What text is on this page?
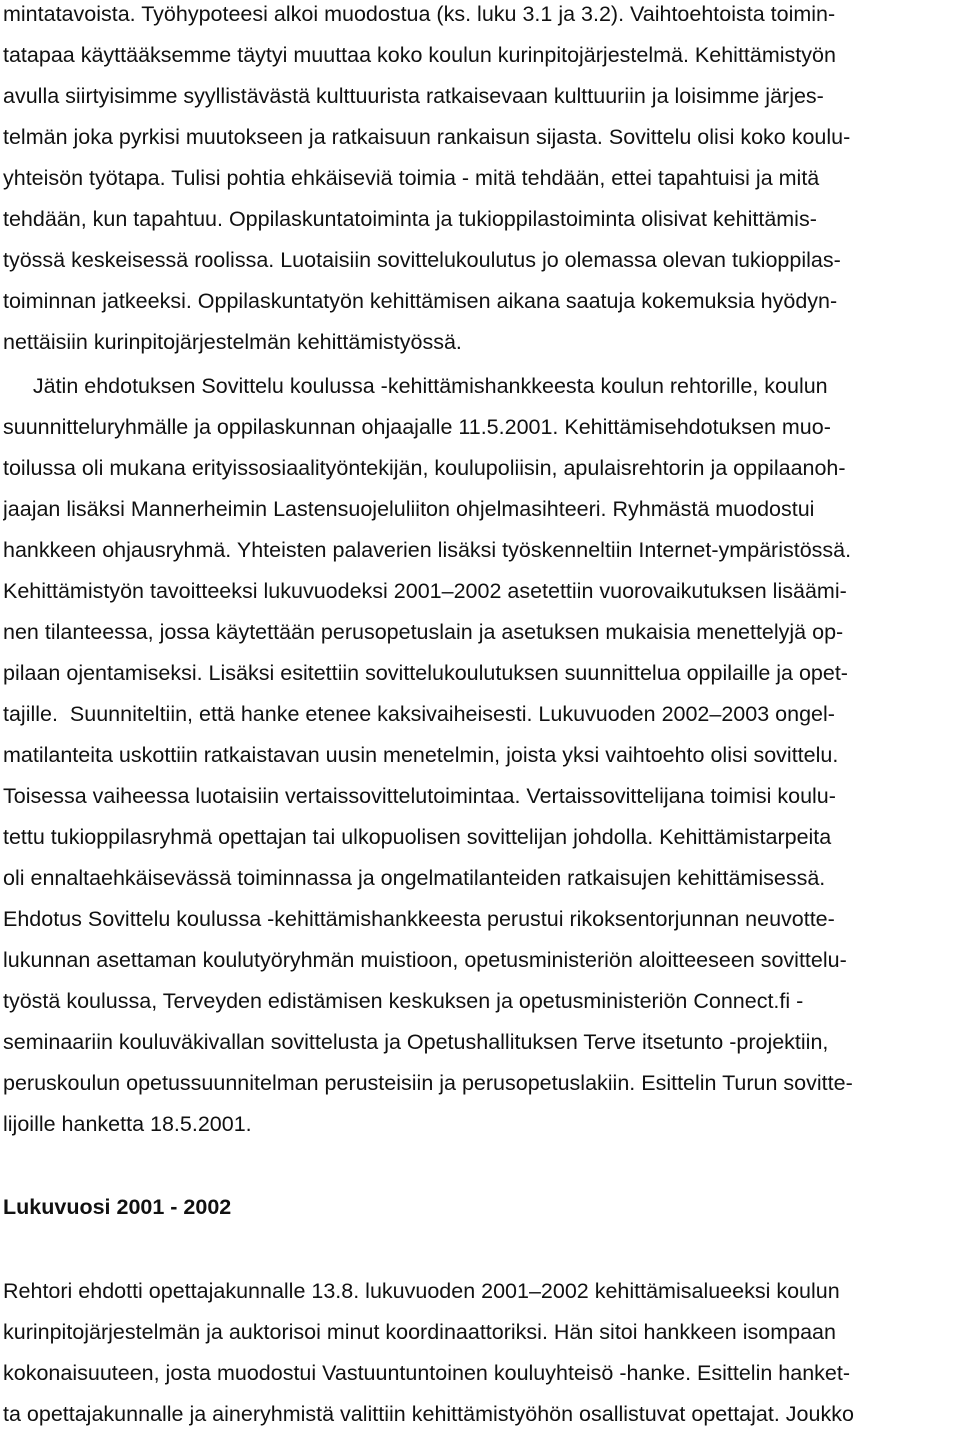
mintatavoista. Työhypoteesi alkoi muodostua (ks. luku 3.1 ja 3.2). Vaihtoehtoista toimin-
tatapaa käyttääksemme täytyi muuttaa koko koulun kurinpitojärjestelmä. Kehittämistyön
avulla siirtyisimme syyllistävästä kulttuurista ratkaisevaan kulttuuriin ja loisimme järjes-
telmän joka pyrkisi muutokseen ja ratkaisuun rankaisun sijasta. Sovittelu olisi koko koulu-
yhteisön työtapa. Tulisi pohtia ehkäiseviä toimia - mitä tehdään, ettei tapahtuisi ja mitä
tehdään, kun tapahtuu. Oppilaskuntatoiminta ja tukioppilastoiminta olisivat kehittämis-
työssä keskeisessä roolissa. Luotaisiin sovittelukoulutus jo olemassa olevan tukioppilas-
toiminnan jatkeeksi. Oppilaskuntatyön kehittämisen aikana saatuja kokemuksia hyödyn-
nettäisiin kurinpitojärjestelmän kehittämistyössä.
Jätin ehdotuksen Sovittelu koulussa -kehittämishankkeesta koulun rehtorille, koulun
suunnitteluryhmälle ja oppilaskunnan ohjaajalle 11.5.2001. Kehittämisehdotuksen muo-
toilussa oli mukana erityissosiaalityöntekijän, koulupoliisin, apulaisrehtorin ja oppilaanoh-
jaajan lisäksi Mannerheimin Lastensuojeluliiton ohjelmasihteeri. Ryhmästä muodostui
hankkeen ohjausryhmä. Yhteisten palaverien lisäksi työskenneltiin Internet-ympäristössä.
Kehittämistyön tavoitteeksi lukuvuodeksi 2001–2002 asetettiin vuorovaikutuksen lisäämi-
nen tilanteessa, jossa käytettään perusopetuslain ja asetuksen mukaisia menettelyjä op-
pilaan ojentamiseksi. Lisäksi esitettiin sovittelukoulutuksen suunnittelua oppilaille ja opet-
tajille.  Suunniteltiin, että hanke etenee kaksivaiheisesti. Lukuvuoden 2002–2003 ongel-
matilanteita uskottiin ratkaistavan uusin menetelmin, joista yksi vaihtoehto olisi sovittelu.
Toisessa vaiheessa luotaisiin vertaissovittelutoimintaa. Vertaissovittelijana toimisi koulu-
tettu tukioppilasryhmä opettajan tai ulkopuolisen sovittelijan johdolla. Kehittämistarpeita
oli ennaltaehkäisevässä toiminnassa ja ongelmatilanteiden ratkaisujen kehittämisessä.
Ehdotus Sovittelu koulussa -kehittämishankkeesta perustui rikoksentorjunnan neuvotte-
lukunnan asettaman koulutyöryhmän muistioon, opetusministeriön aloitteeseen sovittelu-
työstä koulussa, Terveyden edistämisen keskuksen ja opetusministeriön Connect.fi -
seminaariin kouluväkivallan sovittelusta ja Opetushallituksen Terve itsetunto -projektiin,
peruskoulun opetussuunnitelman perusteisiin ja perusopetuslakiin. Esittelin Turun sovitte-
lijoille hanketta 18.5.2001.
Lukuvuosi 2001 - 2002
Rehtori ehdotti opettajakunnalle 13.8. lukuvuoden 2001–2002 kehittämisalueeksi koulun
kurinpitojärjestelmän ja auktorisoi minut koordinaattoriksi. Hän sitoi hankkeen isompaan
kokonaisuuteen, josta muodostui Vastuuntuntoinen kouluyhteisö -hanke. Esittelin hanket-
ta opettajakunnalle ja aineryhmistä valittiin kehittämistyöhön osallistuvat opettajat. Joukko
